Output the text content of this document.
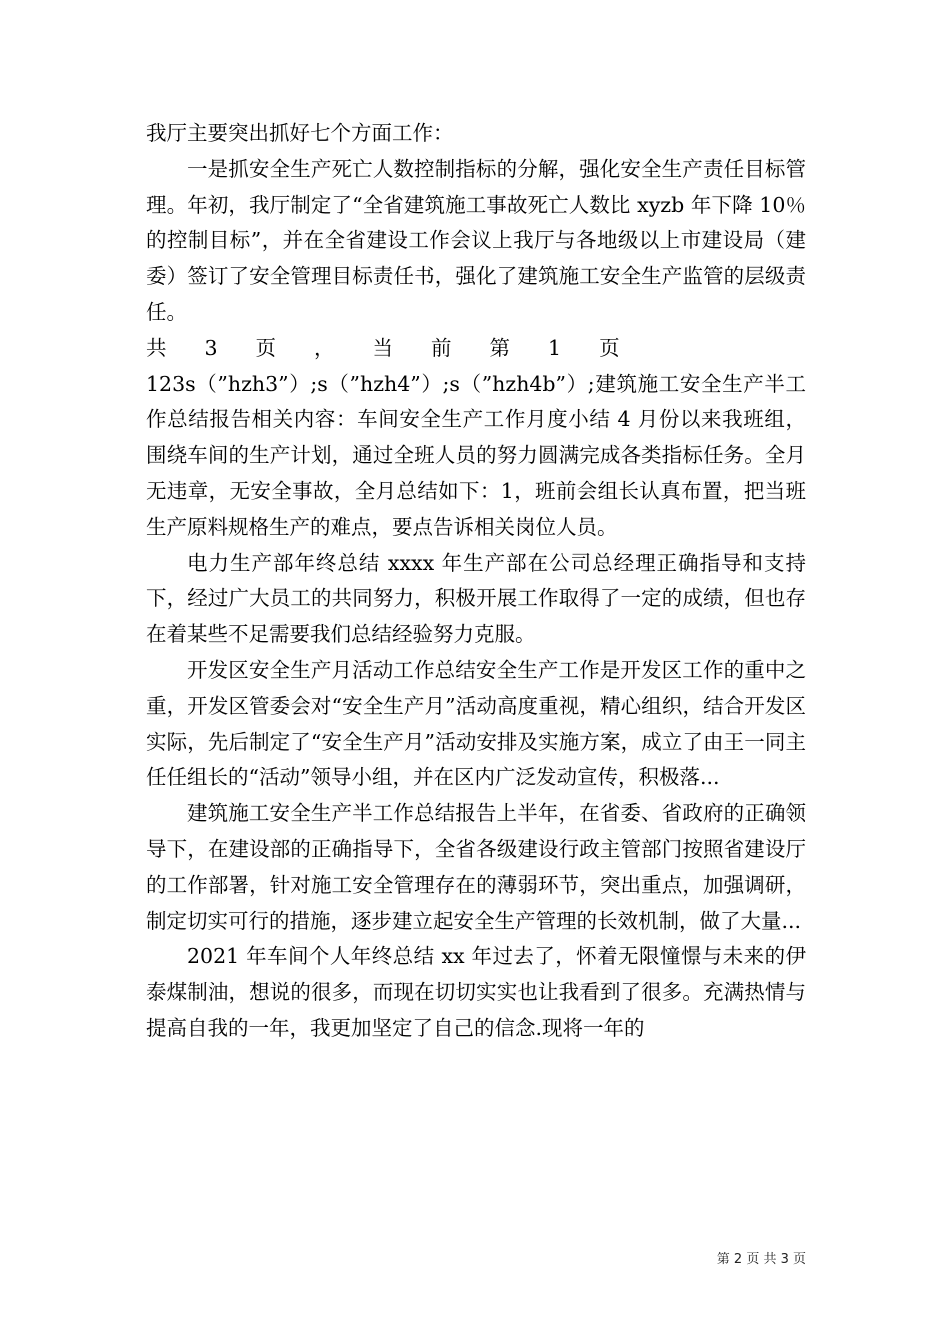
我厅主要突出抓好七个方面工作：

一是抓安全生产死亡人数控制指标的分解，强化安全生产责任目标管理。年初，我厅制定了“全省建筑施工事故死亡人数比 xyzb 年下降 10％的控制目标”，并在全省建设工作会议上我厅与各地级以上市建设局（建委）签订了安全管理目标责任书，强化了建筑施工安全生产监管的层级责任。

共 3 页 ， 当 前 第 1 页

123s（”hzh3”）;s（”hzh4”）;s（”hzh4b”）;建筑施工安全生产半工作总结报告相关内容：车间安全生产工作月度小结 4 月份以来我班组，围绕车间的生产计划，通过全班人员的努力圆满完成各类指标任务。全月无违章，无安全事故，全月总结如下：1，班前会组长认真布置，把当班生产原料规格生产的难点，要点告诉相关岗位人员。

电力生产部年终总结 xxxx 年生产部在公司总经理正确指导和支持下，经过广大员工的共同努力，积极开展工作取得了一定的成绩，但也存在着某些不足需要我们总结经验努力克服。

开发区安全生产月活动工作总结安全生产工作是开发区工作的重中之重，开发区管委会对“安全生产月”活动高度重视，精心组织，结合开发区实际，先后制定了“安全生产月”活动安排及实施方案，成立了由王一同主任任组长的“活动”领导小组，并在区内广泛发动宣传，积极落...

建筑施工安全生产半工作总结报告上半年，在省委、省政府的正确领导下，在建设部的正确指导下，全省各级建设行政主管部门按照省建设厅的工作部署，针对施工安全管理存在的薄弱环节，突出重点，加强调研，制定切实可行的措施，逐步建立起安全生产管理的长效机制，做了大量...

2021 年车间个人年终总结 xx 年过去了，怀着无限憧憬与未来的伊泰煤制油，想说的很多，而现在切切实实也让我看到了很多。充满热情与提高自我的一年，我更加坚定了自己的信念.现将一年的

第 2 页 共 3 页
